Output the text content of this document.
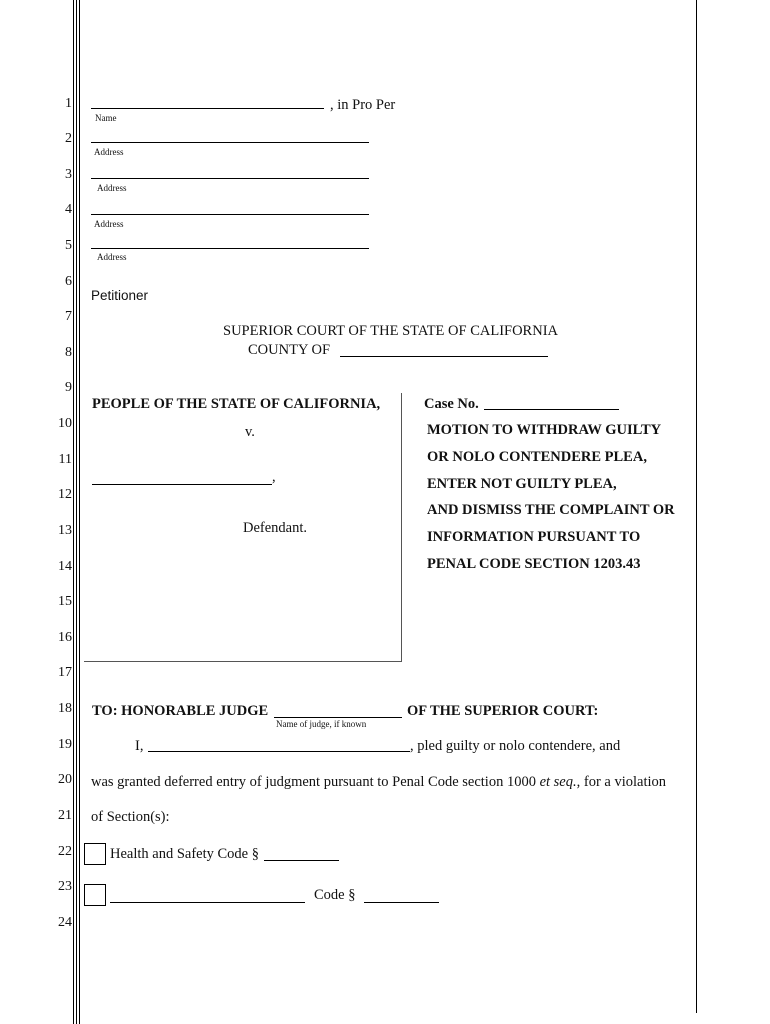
1
2
3
4
5
6
7
8
9
10
11
12
13
14
15
16
17
18
19
20
21
22
23
24
, in Pro Per
Name
Address
Address
Address
Address
Petitioner
SUPERIOR COURT OF THE STATE OF CALIFORNIA
COUNTY OF
PEOPLE OF THE STATE OF CALIFORNIA,
v.
,
Defendant.
Case No.
MOTION TO WITHDRAW GUILTY
OR NOLO CONTENDERE PLEA,
ENTER NOT GUILTY PLEA,
AND DISMISS THE COMPLAINT OR
INFORMATION PURSUANT TO
PENAL CODE SECTION 1203.43
TO: HONORABLE JUDGE	OF THE SUPERIOR COURT:
Name of judge, if known
I,	, pled guilty or nolo contendere, and
was granted deferred entry of judgment pursuant to Penal Code section 1000 et seq., for a violation
of Section(s):
Health and Safety Code §
Code §
